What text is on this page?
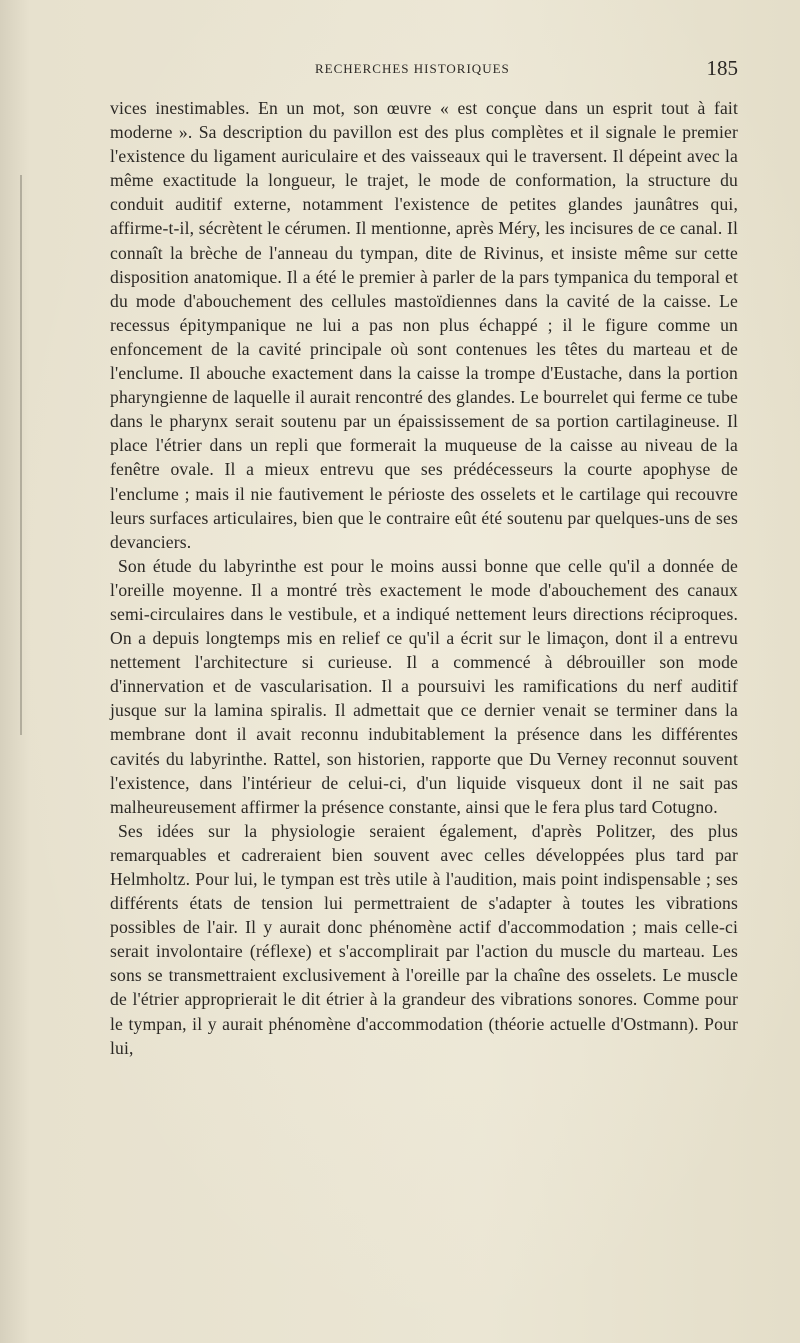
RECHERCHES HISTORIQUES	185

vices inestimables. En un mot, son œuvre « est conçue dans un esprit tout à fait moderne ». Sa description du pavillon est des plus complètes et il signale le premier l'existence du ligament auriculaire et des vaisseaux qui le traversent. Il dépeint avec la même exactitude la longueur, le trajet, le mode de conformation, la structure du conduit auditif externe, notamment l'existence de petites glandes jaunâtres qui, affirme-t-il, sécrètent le cérumen. Il mentionne, après Méry, les incisures de ce canal. Il connaît la brèche de l'anneau du tympan, dite de Rivinus, et insiste même sur cette disposition anatomique. Il a été le premier à parler de la pars tympanica du temporal et du mode d'abouchement des cellules mastoïdiennes dans la cavité de la caisse. Le recessus épitympanique ne lui a pas non plus échappé ; il le figure comme un enfoncement de la cavité principale où sont contenues les têtes du marteau et de l'enclume. Il abouche exactement dans la caisse la trompe d'Eustache, dans la portion pharyngienne de laquelle il aurait rencontré des glandes. Le bourrelet qui ferme ce tube dans le pharynx serait soutenu par un épaississement de sa portion cartilagineuse. Il place l'étrier dans un repli que formerait la muqueuse de la caisse au niveau de la fenêtre ovale. Il a mieux entrevu que ses prédécesseurs la courte apophyse de l'enclume ; mais il nie fautivement le périoste des osselets et le cartilage qui recouvre leurs surfaces articulaires, bien que le contraire eût été soutenu par quelques-uns de ses devanciers.

Son étude du labyrinthe est pour le moins aussi bonne que celle qu'il a donnée de l'oreille moyenne. Il a montré très exactement le mode d'abouchement des canaux semi-circulaires dans le vestibule, et a indiqué nettement leurs directions réciproques. On a depuis longtemps mis en relief ce qu'il a écrit sur le limaçon, dont il a entrevu nettement l'architecture si curieuse. Il a commencé à débrouiller son mode d'innervation et de vascularisation. Il a poursuivi les ramifications du nerf auditif jusque sur la lamina spiralis. Il admettait que ce dernier venait se terminer dans la membrane dont il avait reconnu indubitablement la présence dans les différentes cavités du labyrinthe. Rattel, son historien, rapporte que Du Verney reconnut souvent l'existence, dans l'intérieur de celui-ci, d'un liquide visqueux dont il ne sait pas malheureusement affirmer la présence constante, ainsi que le fera plus tard Cotugno.

Ses idées sur la physiologie seraient également, d'après Politzer, des plus remarquables et cadreraient bien souvent avec celles développées plus tard par Helmholtz. Pour lui, le tympan est très utile à l'audition, mais point indispensable ; ses différents états de tension lui permettraient de s'adapter à toutes les vibrations possibles de l'air. Il y aurait donc phénomène actif d'accommodation ; mais celle-ci serait involontaire (réflexe) et s'accomplirait par l'action du muscle du marteau. Les sons se transmettraient exclusivement à l'oreille par la chaîne des osselets. Le muscle de l'étrier approprierait le dit étrier à la grandeur des vibrations sonores. Comme pour le tympan, il y aurait phénomène d'accommodation (théorie actuelle d'Ostmann). Pour lui,
